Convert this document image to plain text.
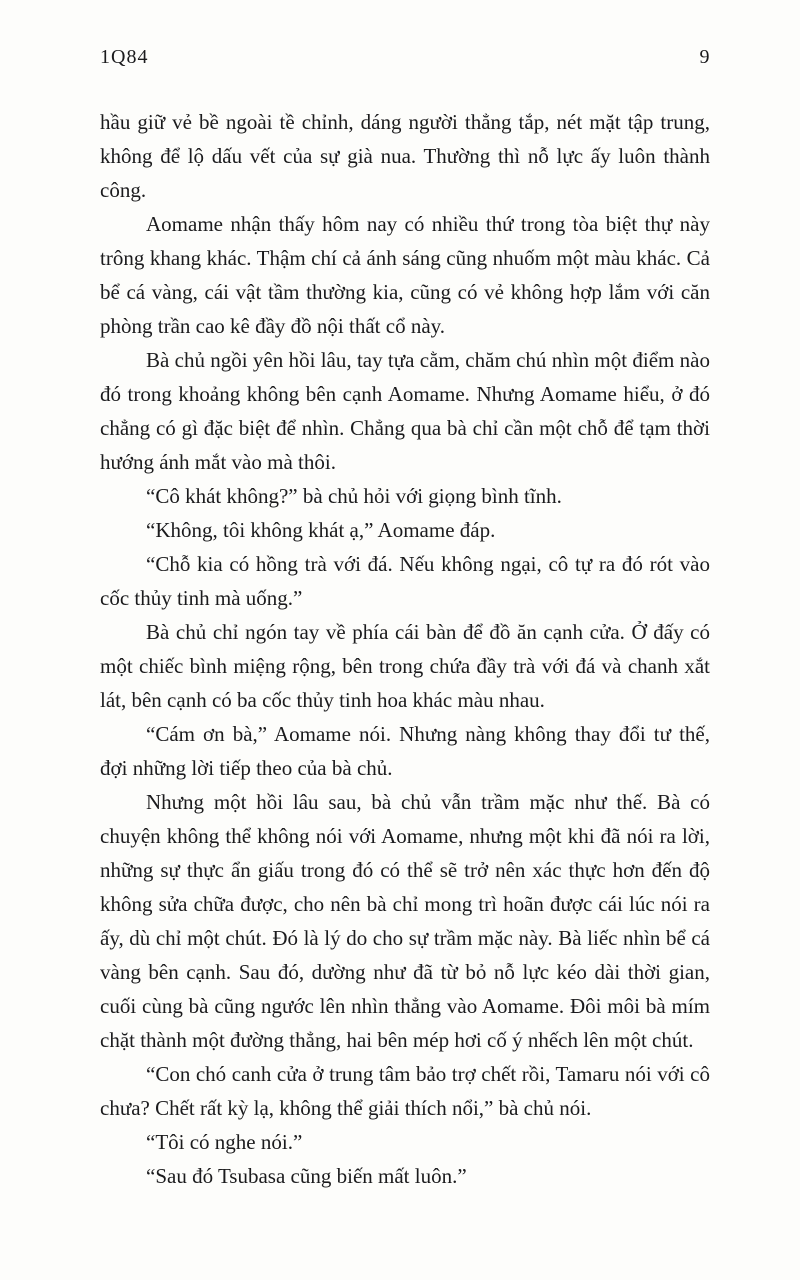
1Q84	9

hầu giữ vẻ bề ngoài tề chỉnh, dáng người thẳng tắp, nét mặt tập trung, không để lộ dấu vết của sự già nua. Thường thì nỗ lực ấy luôn thành công.

Aomame nhận thấy hôm nay có nhiều thứ trong tòa biệt thự này trông khang khác. Thậm chí cả ánh sáng cũng nhuốm một màu khác. Cả bể cá vàng, cái vật tầm thường kia, cũng có vẻ không hợp lắm với căn phòng trần cao kê đầy đồ nội thất cổ này.

Bà chủ ngồi yên hồi lâu, tay tựa cằm, chăm chú nhìn một điểm nào đó trong khoảng không bên cạnh Aomame. Nhưng Aomame hiểu, ở đó chẳng có gì đặc biệt để nhìn. Chẳng qua bà chỉ cần một chỗ để tạm thời hướng ánh mắt vào mà thôi.

“Cô khát không?” bà chủ hỏi với giọng bình tĩnh.

“Không, tôi không khát ạ,” Aomame đáp.

“Chỗ kia có hồng trà với đá. Nếu không ngại, cô tự ra đó rót vào cốc thủy tinh mà uống.”

Bà chủ chỉ ngón tay về phía cái bàn để đồ ăn cạnh cửa. Ở đấy có một chiếc bình miệng rộng, bên trong chứa đầy trà với đá và chanh xắt lát, bên cạnh có ba cốc thủy tinh hoa khác màu nhau.

“Cám ơn bà,” Aomame nói. Nhưng nàng không thay đổi tư thế, đợi những lời tiếp theo của bà chủ.

Nhưng một hồi lâu sau, bà chủ vẫn trầm mặc như thế. Bà có chuyện không thể không nói với Aomame, nhưng một khi đã nói ra lời, những sự thực ẩn giấu trong đó có thể sẽ trở nên xác thực hơn đến độ không sửa chữa được, cho nên bà chỉ mong trì hoãn được cái lúc nói ra ấy, dù chỉ một chút. Đó là lý do cho sự trầm mặc này. Bà liếc nhìn bể cá vàng bên cạnh. Sau đó, dường như đã từ bỏ nỗ lực kéo dài thời gian, cuối cùng bà cũng ngước lên nhìn thẳng vào Aomame. Đôi môi bà mím chặt thành một đường thẳng, hai bên mép hơi cố ý nhếch lên một chút.

“Con chó canh cửa ở trung tâm bảo trợ chết rồi, Tamaru nói với cô chưa? Chết rất kỳ lạ, không thể giải thích nổi,” bà chủ nói.

“Tôi có nghe nói.”

“Sau đó Tsubasa cũng biến mất luôn.”
